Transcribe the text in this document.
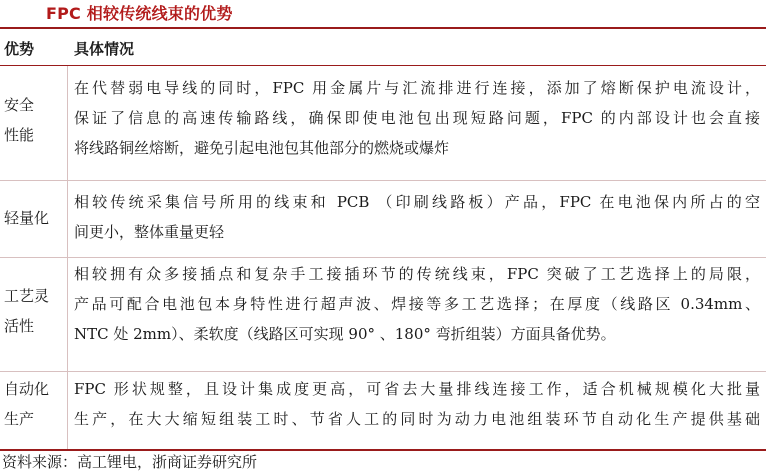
FPC 相较传统线束的优势
优势	具体情况
安全
性能
在代替弱电导线的同时，FPC 用金属片与汇流排进行连接，添加了熔断保护电流设计，
保证了信息的高速传输路线，确保即使电池包出现短路问题，FPC 的内部设计也会直接
将线路铜丝熔断，避免引起电池包其他部分的燃烧或爆炸
轻量化
相较传统采集信号所用的线束和 PCB （印刷线路板）产品，FPC 在电池保内所占的空
间更小，整体重量更轻
工艺灵
活性
相较拥有众多接插点和复杂手工接插环节的传统线束，FPC 突破了工艺选择上的局限，
产品可配合电池包本身特性进行超声波、焊接等多工艺选择；在厚度（线路区 0.34mm、
NTC 处 2mm）、柔软度（线路区可实现 90° 、180° 弯折组装）方面具备优势。
自动化
生产
FPC 形状规整，且设计集成度更高，可省去大量排线连接工作，适合机械规模化大批量
生产，在大大缩短组装工时、节省人工的同时为动力电池组装环节自动化生产提供基础
资料来源：高工锂电，浙商证券研究所
